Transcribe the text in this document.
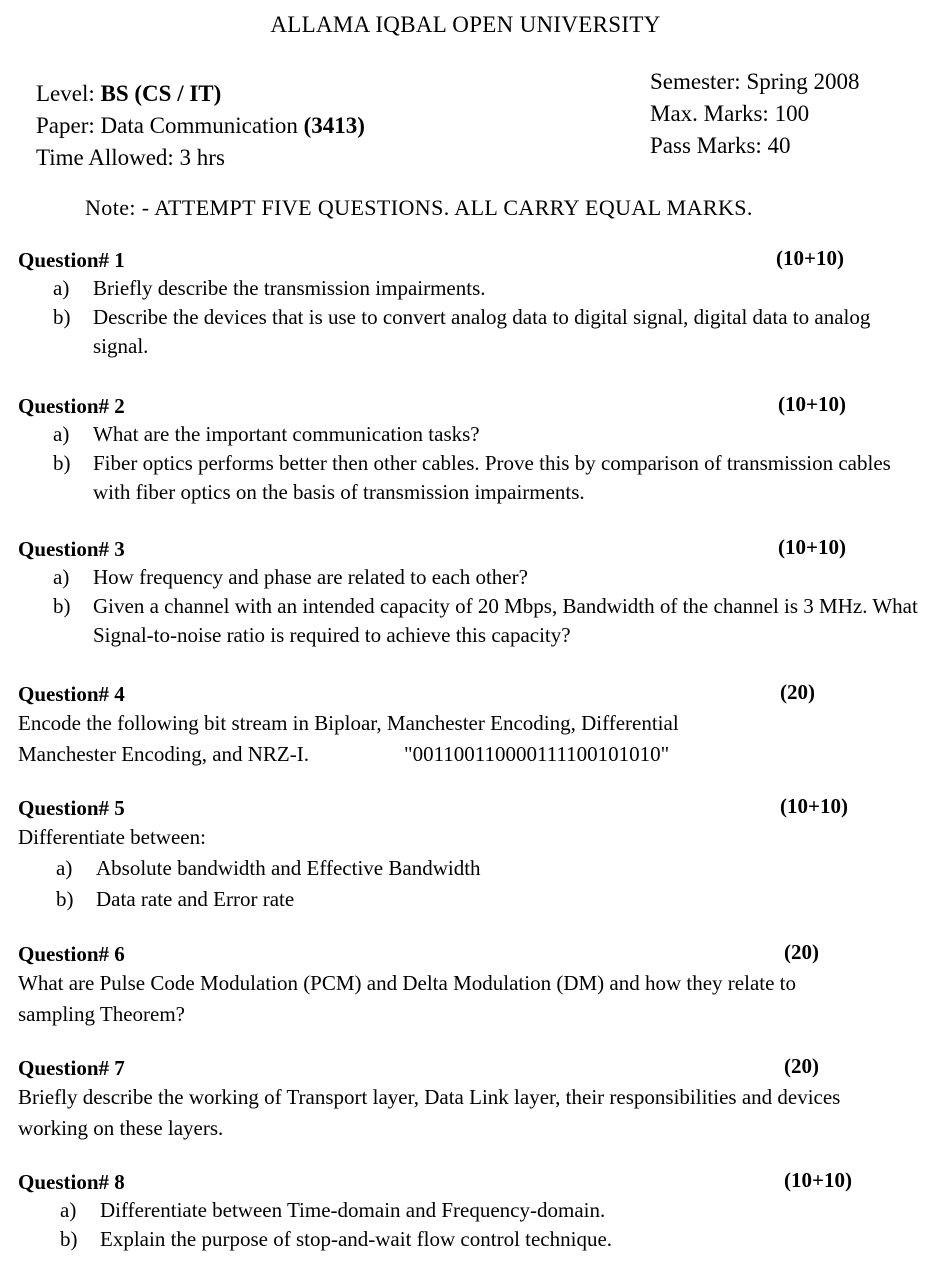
ALLAMA IQBAL OPEN UNIVERSITY
Level: BS (CS / IT)
Paper: Data Communication (3413)
Time Allowed: 3 hrs
Semester: Spring 2008
Max. Marks: 100
Pass Marks: 40
Note: - ATTEMPT FIVE QUESTIONS. ALL CARRY EQUAL MARKS.
Question# 1	(10+10)
a) Briefly describe the transmission impairments.
b) Describe the devices that is use to convert analog data to digital signal, digital data to analog signal.
Question# 2	(10+10)
a) What are the important communication tasks?
b) Fiber optics performs better then other cables. Prove this by comparison of transmission cables with fiber optics on the basis of transmission impairments.
Question# 3	(10+10)
a) How frequency and phase are related to each other?
b) Given a channel with an intended capacity of 20 Mbps, Bandwidth of the channel is 3 MHz. What Signal-to-noise ratio is required to achieve this capacity?
Question# 4	(20)
Encode the following bit stream in Biploar, Manchester Encoding, Differential
Manchester Encoding, and NRZ-I.	"001100110000111100101010"
Question# 5	(10+10)
Differentiate between:
a) Absolute bandwidth and Effective Bandwidth
b) Data rate and Error rate
Question# 6	(20)
What are Pulse Code Modulation (PCM) and Delta Modulation (DM) and how they relate to sampling Theorem?
Question# 7	(20)
Briefly describe the working of Transport layer, Data Link layer, their responsibilities and devices working on these layers.
Question# 8	(10+10)
a) Differentiate between Time-domain and Frequency-domain.
b) Explain the purpose of stop-and-wait flow control technique.
